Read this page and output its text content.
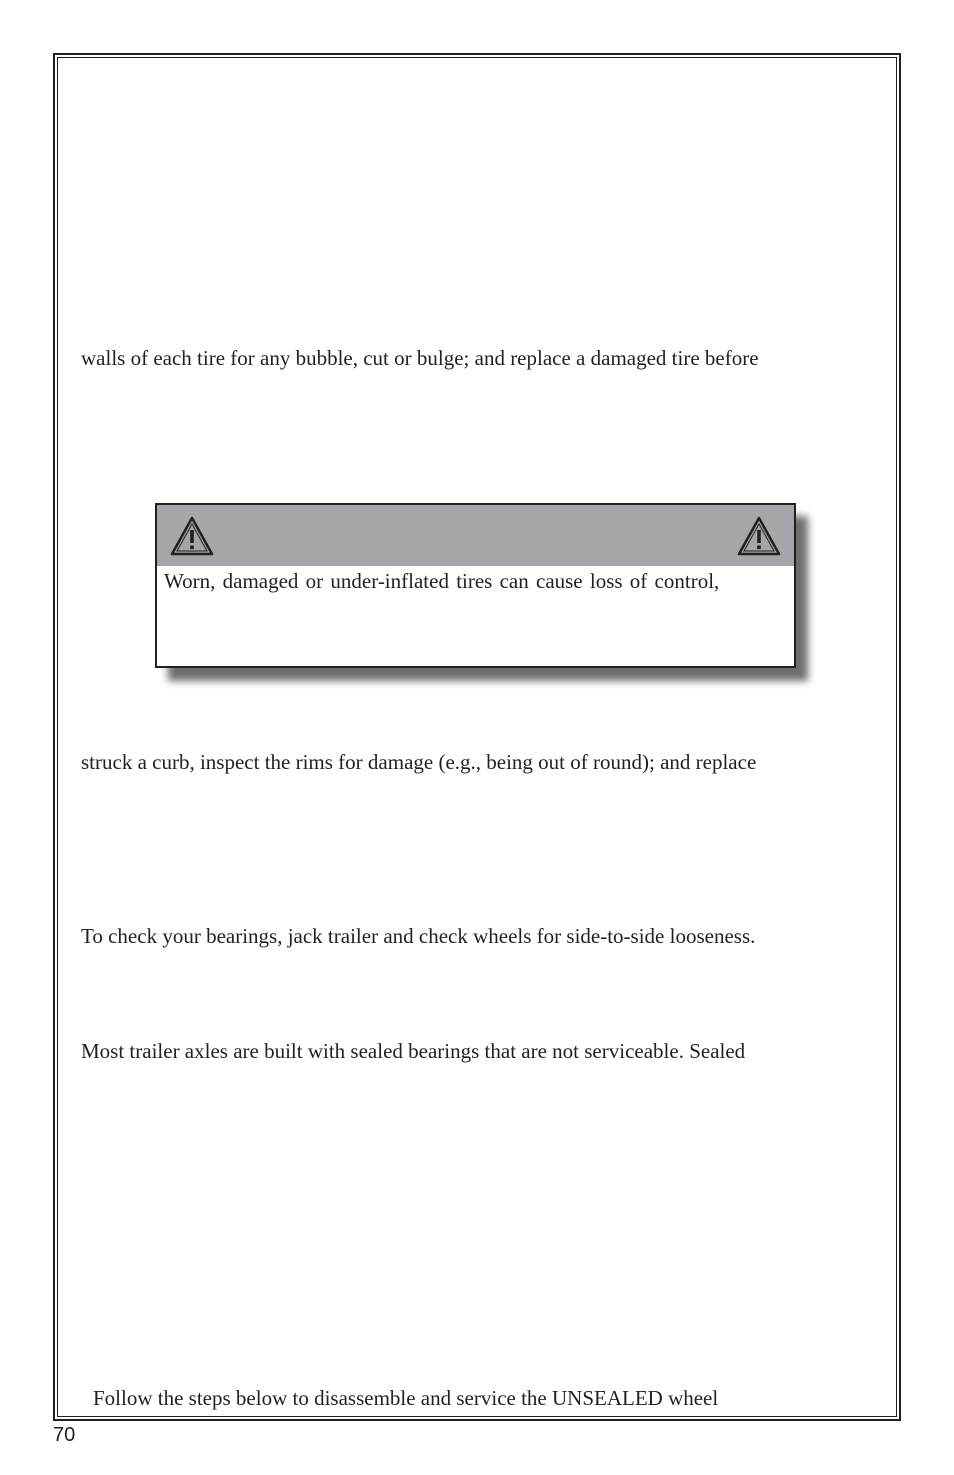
walls of each tire for any bubble, cut or bulge; and replace a damaged tire before
Worn, damaged or under-inflated tires can cause loss of control,
struck a curb, inspect the rims for damage (e.g., being out of round); and replace
To check your bearings, jack trailer and check wheels for side-to-side looseness.
Most trailer axles are built with sealed bearings that are not serviceable. Sealed
Follow the steps below to disassemble and service the UNSEALED wheel
70
